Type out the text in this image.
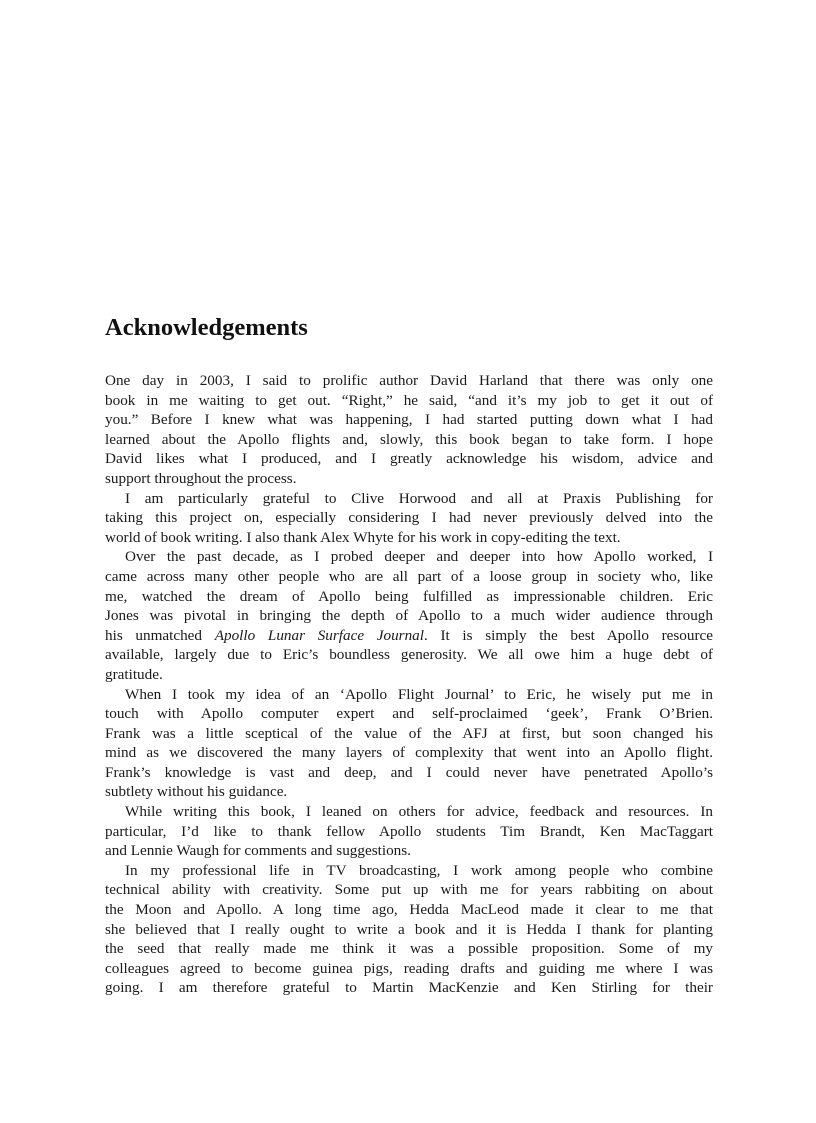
Acknowledgements
One day in 2003, I said to prolific author David Harland that there was only one
book in me waiting to get out. “Right,” he said, “and it’s my job to get it out of
you.” Before I knew what was happening, I had started putting down what I had
learned about the Apollo flights and, slowly, this book began to take form. I hope
David likes what I produced, and I greatly acknowledge his wisdom, advice and
support throughout the process.
I am particularly grateful to Clive Horwood and all at Praxis Publishing for
taking this project on, especially considering I had never previously delved into the
world of book writing. I also thank Alex Whyte for his work in copy-editing the text.
Over the past decade, as I probed deeper and deeper into how Apollo worked, I
came across many other people who are all part of a loose group in society who, like
me, watched the dream of Apollo being fulfilled as impressionable children. Eric
Jones was pivotal in bringing the depth of Apollo to a much wider audience through
his unmatched Apollo Lunar Surface Journal. It is simply the best Apollo resource
available, largely due to Eric’s boundless generosity. We all owe him a huge debt of
gratitude.
When I took my idea of an ‘Apollo Flight Journal’ to Eric, he wisely put me in
touch with Apollo computer expert and self-proclaimed ‘geek’, Frank O’Brien.
Frank was a little sceptical of the value of the AFJ at first, but soon changed his
mind as we discovered the many layers of complexity that went into an Apollo flight.
Frank’s knowledge is vast and deep, and I could never have penetrated Apollo’s
subtlety without his guidance.
While writing this book, I leaned on others for advice, feedback and resources. In
particular, I’d like to thank fellow Apollo students Tim Brandt, Ken MacTaggart
and Lennie Waugh for comments and suggestions.
In my professional life in TV broadcasting, I work among people who combine
technical ability with creativity. Some put up with me for years rabbiting on about
the Moon and Apollo. A long time ago, Hedda MacLeod made it clear to me that
she believed that I really ought to write a book and it is Hedda I thank for planting
the seed that really made me think it was a possible proposition. Some of my
colleagues agreed to become guinea pigs, reading drafts and guiding me where I was
going. I am therefore grateful to Martin MacKenzie and Ken Stirling for their
